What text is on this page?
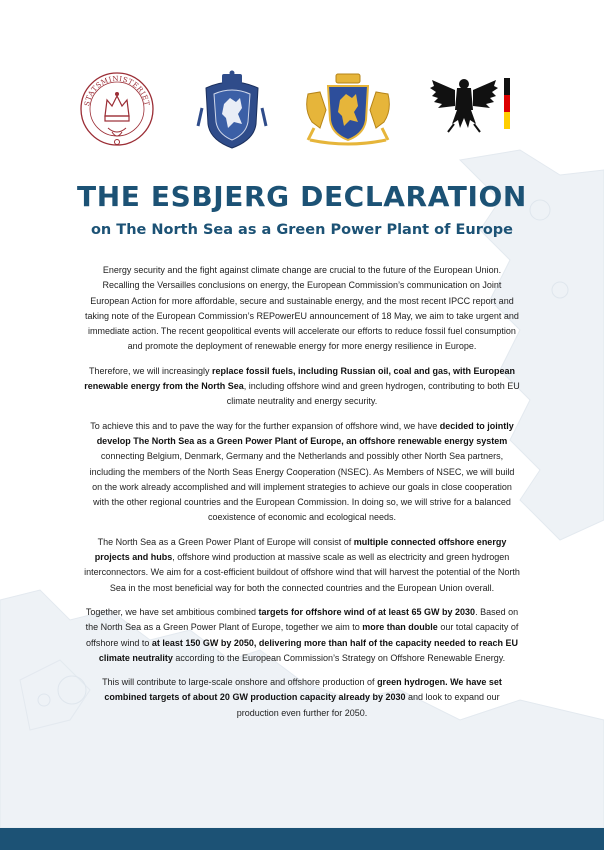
STATSMINISTERIET
THE ESBJERG DECLARATION
on The North Sea as a Green Power Plant of Europe

Energy security and the fight against climate change are crucial to the future of the European Union. Recalling the Versailles conclusions on energy, the European Commission’s communication on Joint European Action for more affordable, secure and sustainable energy, and the most recent IPCC report and taking note of the European Commission’s REPowerEU announcement of 18 May, we aim to take urgent and immediate action. The recent geopolitical events will accelerate our efforts to reduce fossil fuel consumption and promote the deployment of renewable energy for more energy resilience in Europe.

Therefore, we will increasingly replace fossil fuels, including Russian oil, coal and gas, with European renewable energy from the North Sea, including offshore wind and green hydrogen, contributing to both EU climate neutrality and energy security.

To achieve this and to pave the way for the further expansion of offshore wind, we have decided to jointly develop The North Sea as a Green Power Plant of Europe, an offshore renewable energy system connecting Belgium, Denmark, Germany and the Netherlands and possibly other North Sea partners, including the members of the North Seas Energy Cooperation (NSEC). As Members of NSEC, we will build on the work already accomplished and will implement strategies to achieve our goals in close cooperation with the other regional countries and the European Commission. In doing so, we will strive for a balanced coexistence of economic and ecological needs.

The North Sea as a Green Power Plant of Europe will consist of multiple connected offshore energy projects and hubs, offshore wind production at massive scale as well as electricity and green hydrogen interconnectors. We aim for a cost-efficient buildout of offshore wind that will harvest the potential of the North Sea in the most beneficial way for both the connected countries and the European Union overall.

Together, we have set ambitious combined targets for offshore wind of at least 65 GW by 2030. Based on the North Sea as a Green Power Plant of Europe, together we aim to more than double our total capacity of offshore wind to at least 150 GW by 2050, delivering more than half of the capacity needed to reach EU climate neutrality according to the European Commission’s Strategy on Offshore Renewable Energy.

This will contribute to large-scale onshore and offshore production of green hydrogen. We have set combined targets of about 20 GW production capacity already by 2030 and look to expand our production even further for 2050.
